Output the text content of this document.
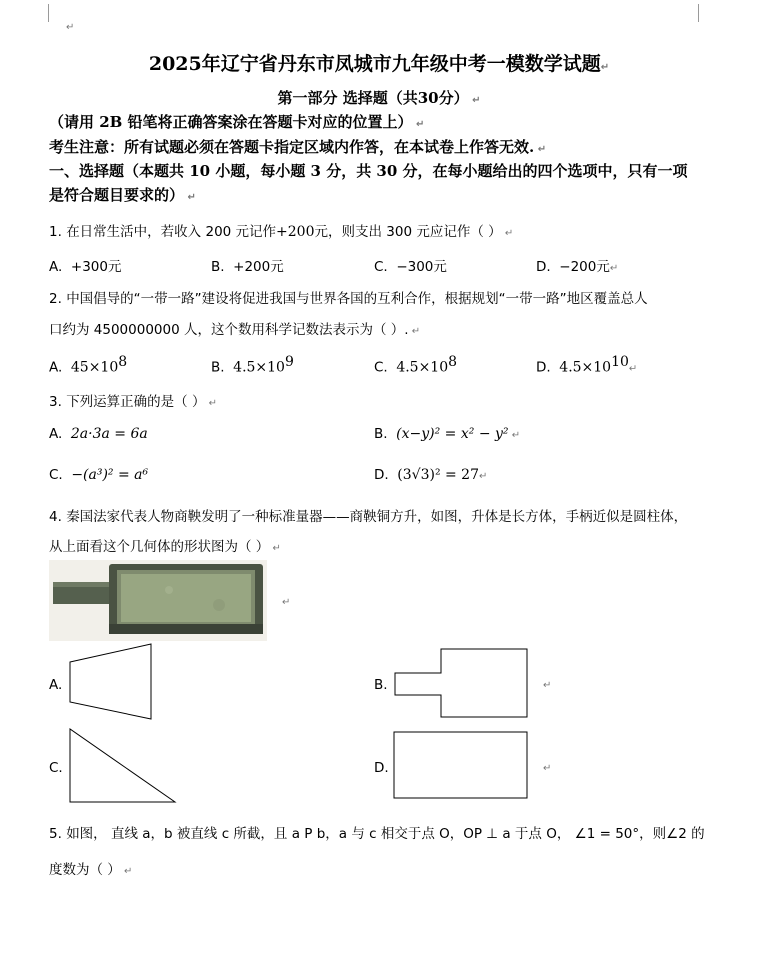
↵
2025年辽宁省丹东市凤城市九年级中考一模数学试题↵
第一部分 选择题（共30分） ↵
（请用 2B 铅笔将正确答案涂在答题卡对应的位置上） ↵
考生注意：所有试题必须在答题卡指定区域内作答，在本试卷上作答无效. ↵
一、选择题（本题共 10 小题，每小题 3 分，共 30 分，在每小题给出的四个选项中，只有一项
是符合题目要求的） ↵
1. 在日常生活中，若收入 200 元记作+200元，则支出 300 元应记作（ ） ↵
A. +300元	B. +200元	C. −300元	D. −200元↵
2. 中国倡导的“一带一路”建设将促进我国与世界各国的互利合作，根据规划“一带一路”地区覆盖总人
口约为 4500000000 人，这个数用科学记数法表示为（ ）. ↵
A. $45\times 10^8$	B. $4.5\times 10^9$	C. $4.5\times 10^8$	D. $4.5\times 10^{10}↵$
3. 下列运算正确的是（ ） ↵
A. 2a·3a = 6a	B. (x−y)² = x² − y² ↵
C. −(a³)² = a⁶	D. (3√3)² = 27↵
4. 秦国法家代表人物商鞅发明了一种标准量器——商鞅铜方升，如图，升体是长方体，手柄近似是圆柱体，
从上面看这个几何体的形状图为（ ） ↵
↵
A.	B.	↵
C.	D.	↵
5. 如图， 直线 a，b 被直线 c 所截，且 a P b，a 与 c 相交于点 O，OP ⊥ a 于点 O， ∠1 = 50°，则∠2 的
度数为（ ） ↵
